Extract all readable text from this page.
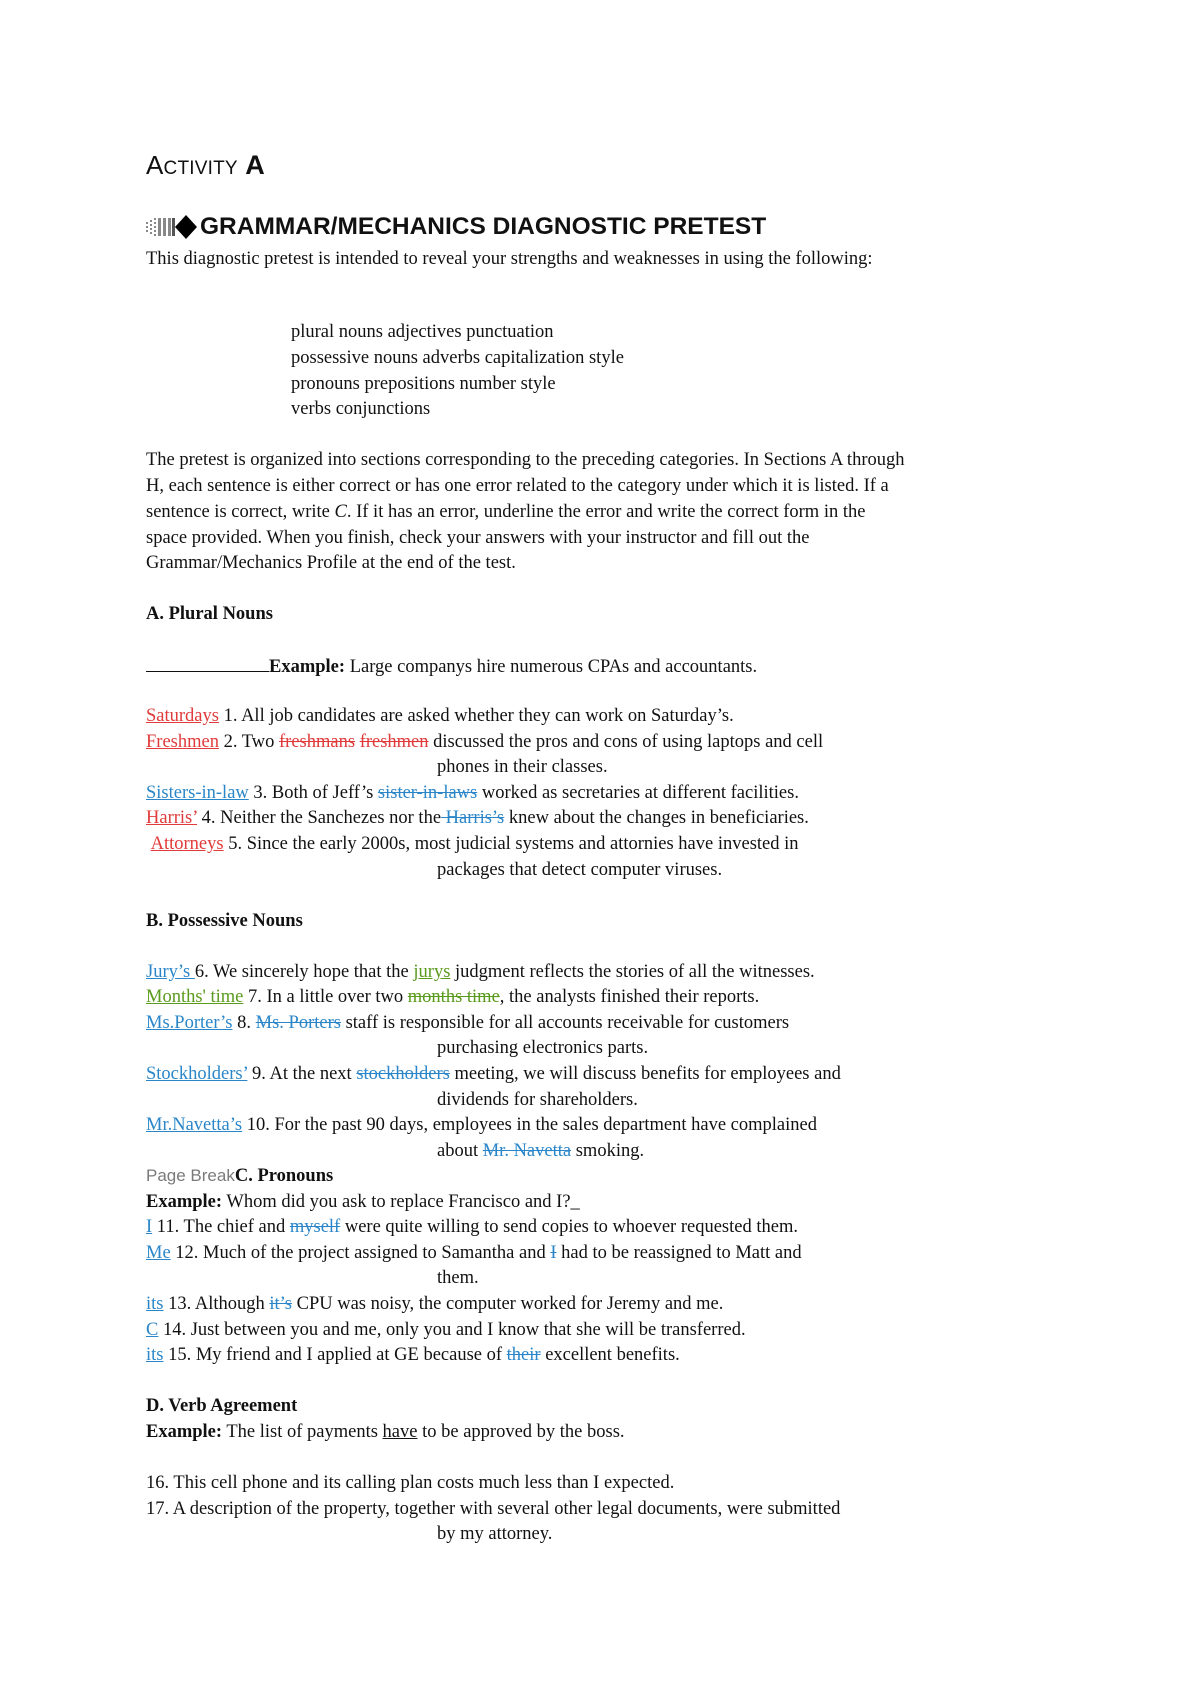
ACTIVITY A
GRAMMAR/MECHANICS DIAGNOSTIC PRETEST
This diagnostic pretest is intended to reveal your strengths and weaknesses in using the following:
plural nouns adjectives punctuation
possessive nouns adverbs capitalization style
pronouns prepositions number style
verbs conjunctions
The pretest is organized into sections corresponding to the preceding categories. In Sections A through
H, each sentence is either correct or has one error related to the category under which it is listed. If a
sentence is correct, write C. If it has an error, underline the error and write the correct form in the
space provided. When you finish, check your answers with your instructor and fill out the
Grammar/Mechanics Profile at the end of the test.
A. Plural Nouns
Example: Large companys hire numerous CPAs and accountants.
Saturdays 1. All job candidates are asked whether they can work on Saturday’s.
Freshmen 2. Two freshmans freshmen discussed the pros and cons of using laptops and cell
phones in their classes.
Sisters-in-law 3. Both of Jeff’s sister-in-laws worked as secretaries at different facilities.
Harris’ 4. Neither the Sanchezes nor the Harris’s knew about the changes in beneficiaries.
Attorneys 5. Since the early 2000s, most judicial systems and attornies have invested in
packages that detect computer viruses.
B. Possessive Nouns
Jury’s 6. We sincerely hope that the jurys judgment reflects the stories of all the witnesses.
Months' time 7. In a little over two months time, the analysts finished their reports.
Ms.Porter’s 8. Ms. Porters staff is responsible for all accounts receivable for customers
purchasing electronics parts.
Stockholders’ 9. At the next stockholders meeting, we will discuss benefits for employees and
dividends for shareholders.
Mr.Navetta’s 10. For the past 90 days, employees in the sales department have complained
about Mr. Navetta smoking.
Page BreakC. Pronouns
Example: Whom did you ask to replace Francisco and I?_
I 11. The chief and myself were quite willing to send copies to whoever requested them.
Me 12. Much of the project assigned to Samantha and I had to be reassigned to Matt and
them.
its 13. Although it’s CPU was noisy, the computer worked for Jeremy and me.
C 14. Just between you and me, only you and I know that she will be transferred.
its 15. My friend and I applied at GE because of their excellent benefits.
D. Verb Agreement
Example: The list of payments have to be approved by the boss.
16. This cell phone and its calling plan costs much less than I expected.
17. A description of the property, together with several other legal documents, were submitted
by my attorney.
